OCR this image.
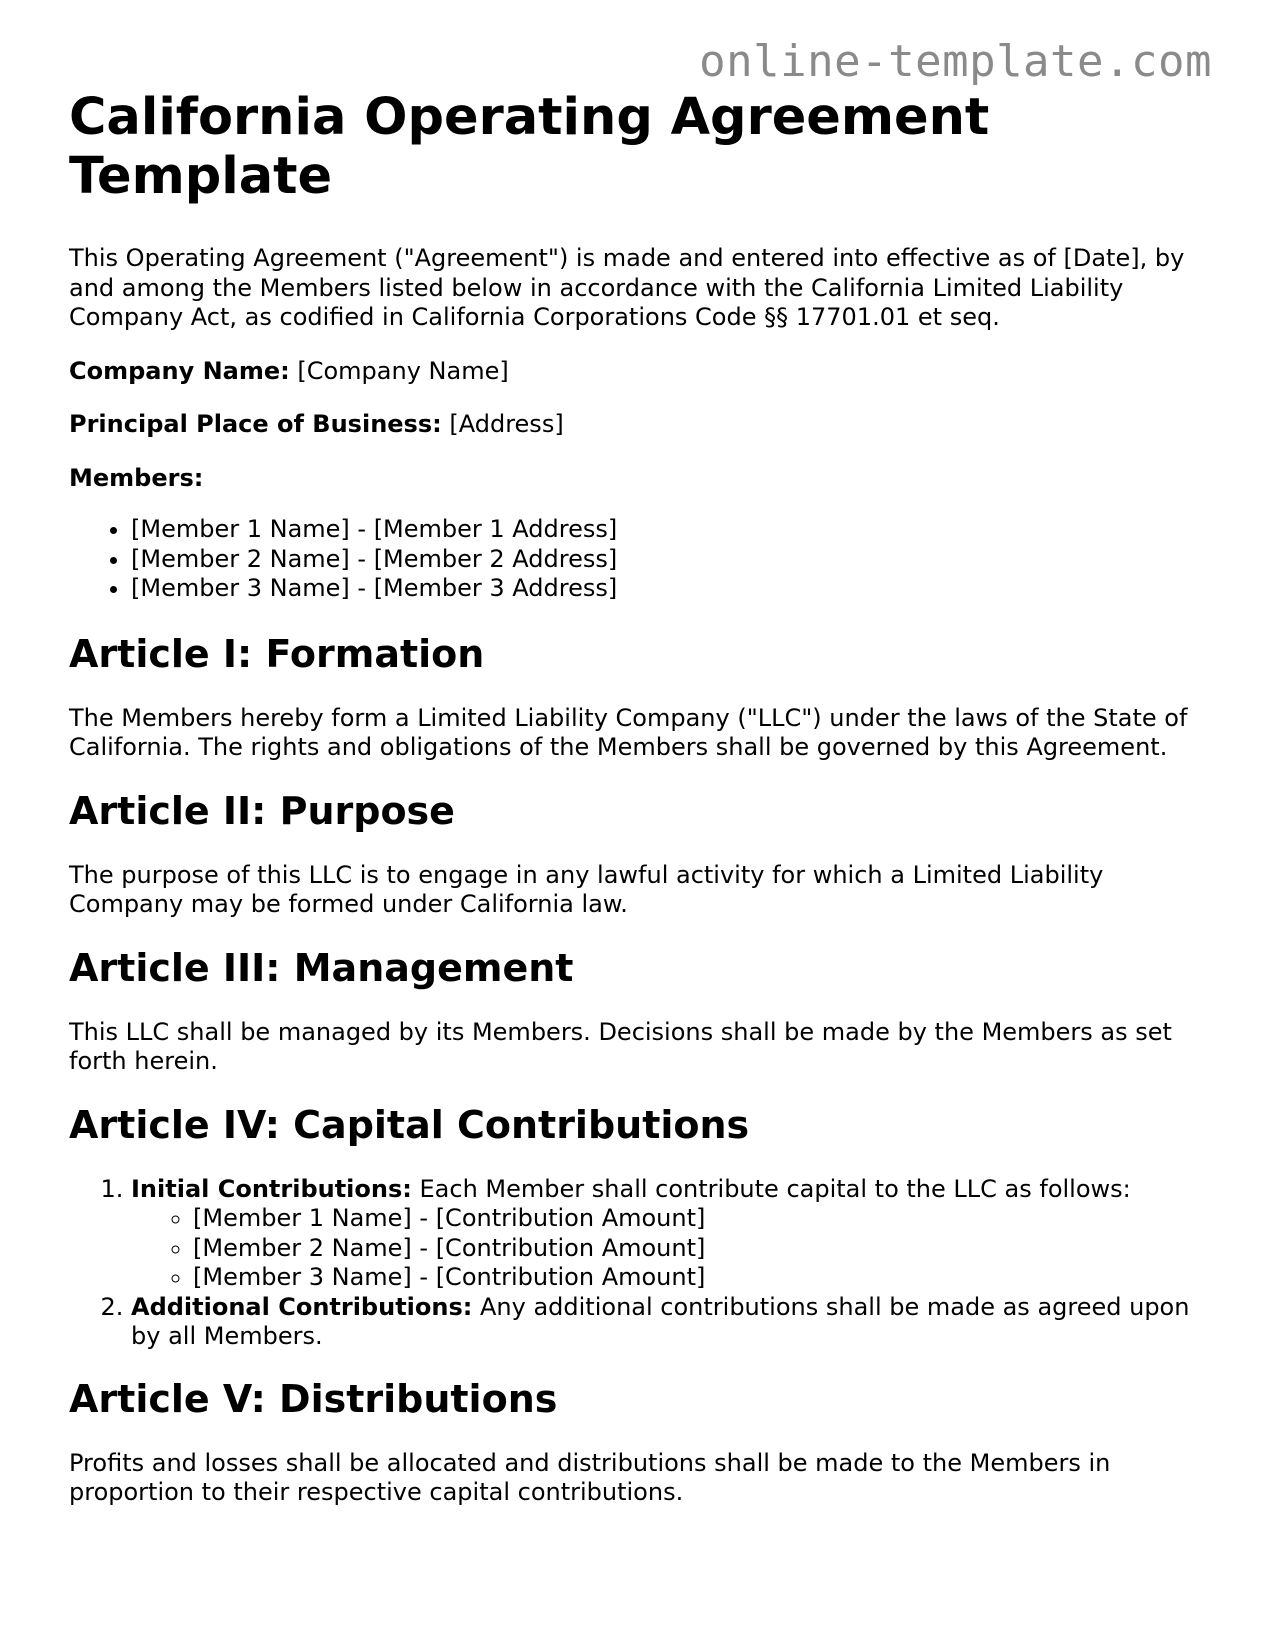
online-template.com
California Operating Agreement Template

This Operating Agreement ("Agreement") is made and entered into effective as of [Date], by and among the Members listed below in accordance with the California Limited Liability Company Act, as codified in California Corporations Code §§ 17701.01 et seq.

Company Name: [Company Name]

Principal Place of Business: [Address]

Members:

• [Member 1 Name] - [Member 1 Address]
• [Member 2 Name] - [Member 2 Address]
• [Member 3 Name] - [Member 3 Address]
Article I: Formation

The Members hereby form a Limited Liability Company ("LLC") under the laws of the State of California. The rights and obligations of the Members shall be governed by this Agreement.

Article II: Purpose

The purpose of this LLC is to engage in any lawful activity for which a Limited Liability Company may be formed under California law.

Article III: Management

This LLC shall be managed by its Members. Decisions shall be made by the Members as set forth herein.

Article IV: Capital Contributions
1. Initial Contributions: Each Member shall contribute capital to the LLC as follows:
◦ [Member 1 Name] - [Contribution Amount]
◦ [Member 2 Name] - [Contribution Amount]
◦ [Member 3 Name] - [Contribution Amount]
2. Additional Contributions: Any additional contributions shall be made as agreed upon by all Members.
Article V: Distributions

Profits and losses shall be allocated and distributions shall be made to the Members in proportion to their respective capital contributions.
